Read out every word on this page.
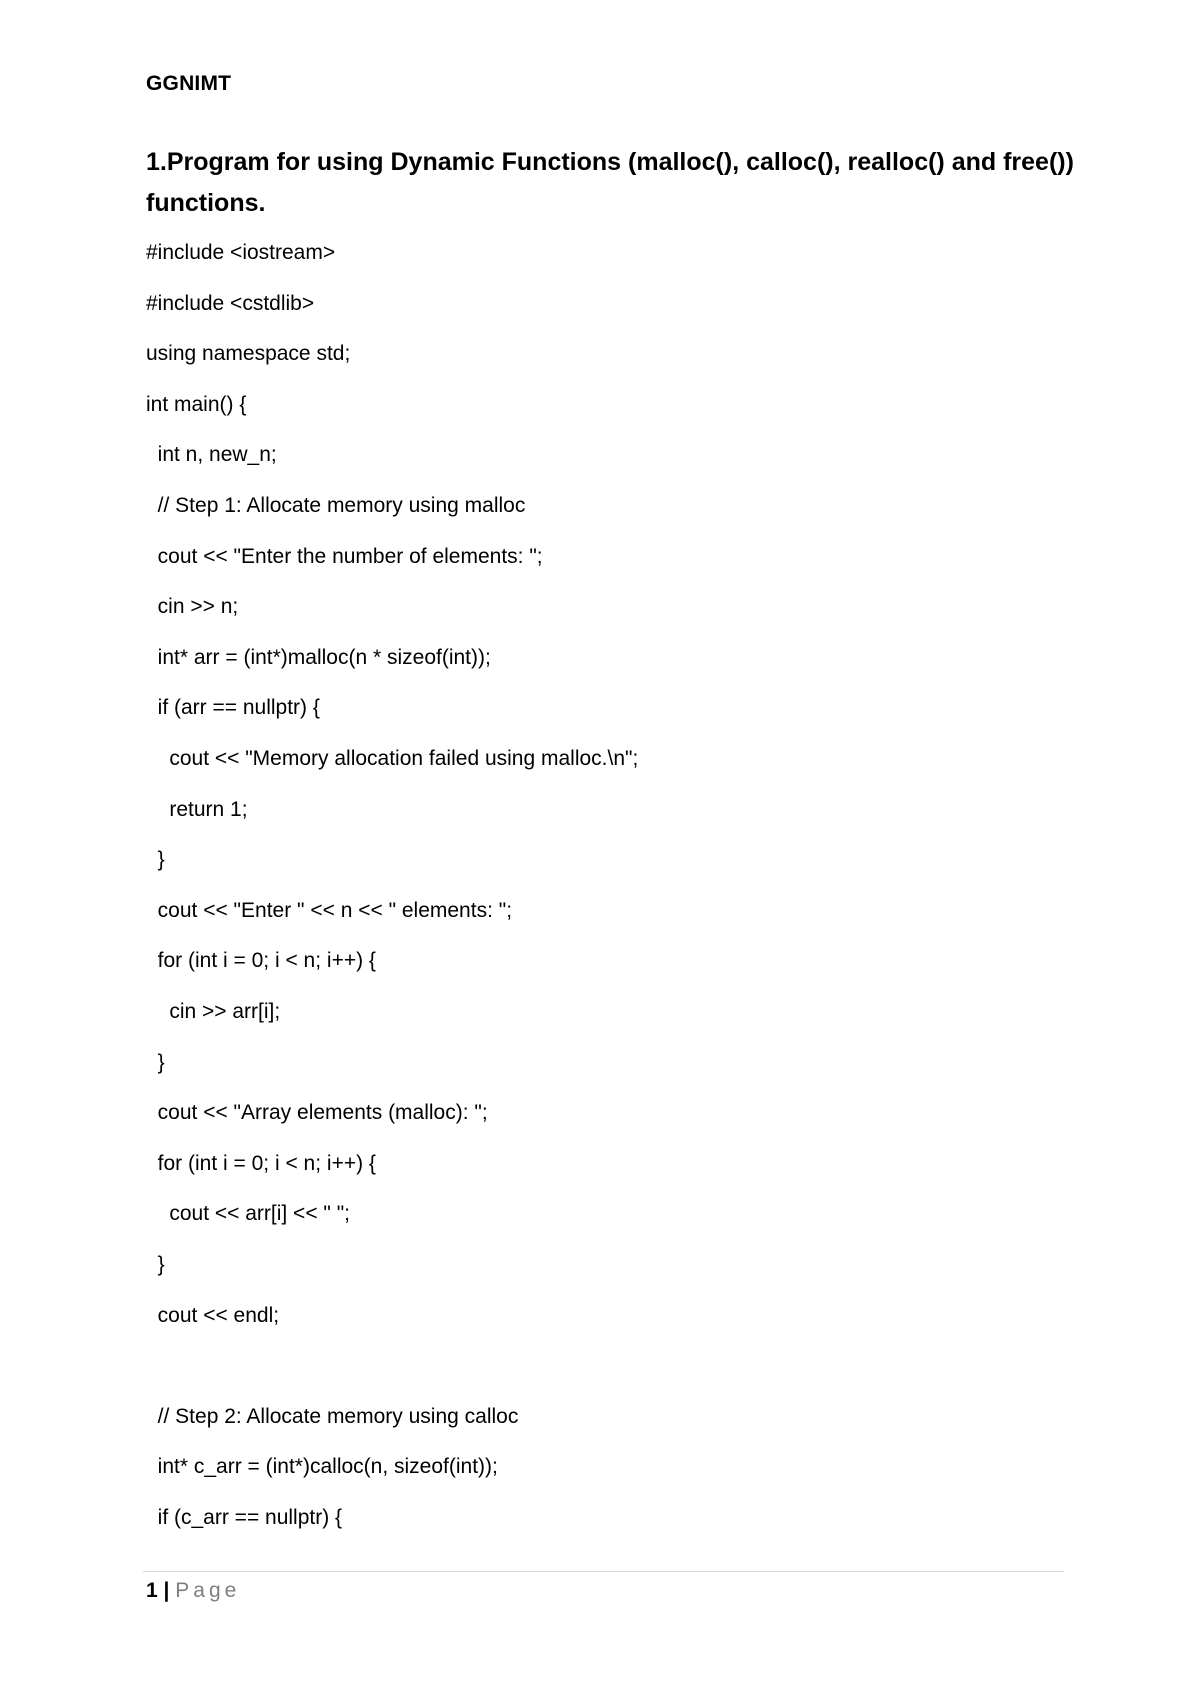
GGNIMT
1.Program for using Dynamic Functions (malloc(), calloc(), realloc() and free()) functions.
#include <iostream>
#include <cstdlib>
using namespace std;
int main() {
int n, new_n;
// Step 1: Allocate memory using malloc
cout << "Enter the number of elements: ";
cin >> n;
int* arr = (int*)malloc(n * sizeof(int));
if (arr == nullptr) {
cout << "Memory allocation failed using malloc.\n";
return 1;
}
cout << "Enter " << n << " elements: ";
for (int i = 0; i < n; i++) {
cin >> arr[i];
}
cout << "Array elements (malloc): ";
for (int i = 0; i < n; i++) {
cout << arr[i] << " ";
}
cout << endl;
// Step 2: Allocate memory using calloc
int* c_arr = (int*)calloc(n, sizeof(int));
if (c_arr == nullptr) {
1 | Page
